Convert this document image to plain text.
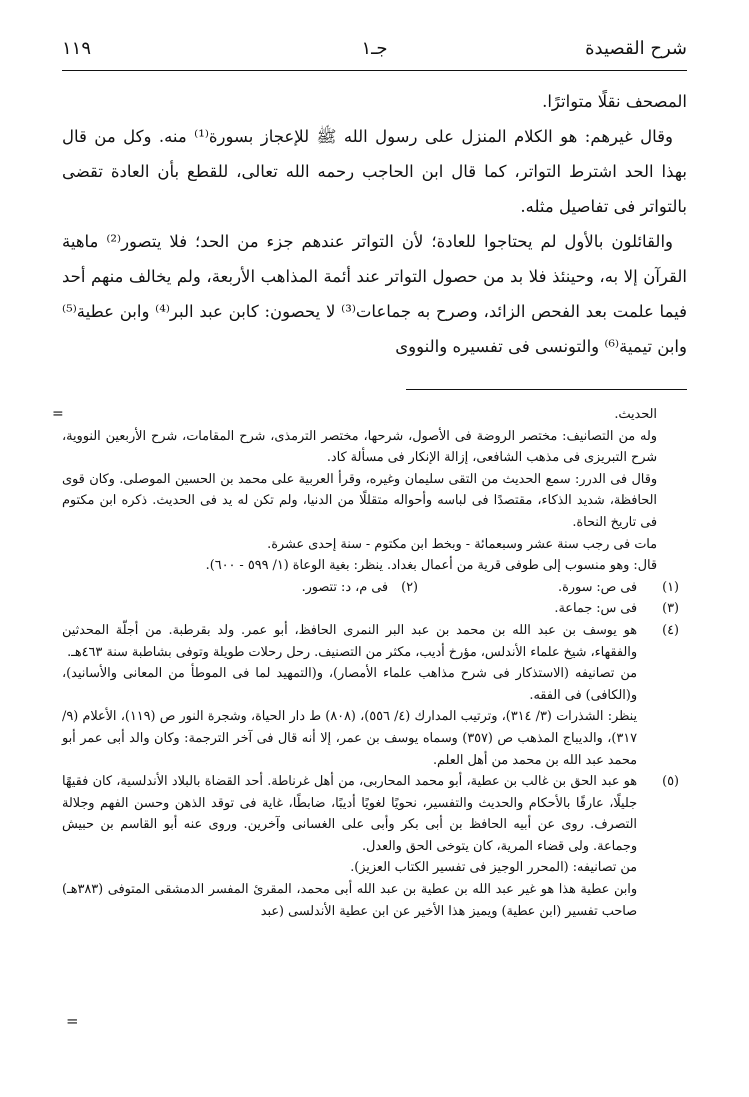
شرح القصيدة
جـ١
١١٩

المصحف نقلًا متواترًا.

وقال غيرهم: هو الكلام المنزل على رسول الله ﷺ للإعجاز بسورة⁽¹⁾ منه. وكل من قال بهذا الحد اشترط التواتر، كما قال ابن الحاجب رحمه الله تعالى، للقطع بأن العادة تقضى بالتواتر فى تفاصيل مثله.

والقائلون بالأول لم يحتاجوا للعادة؛ لأن التواتر عندهم جزء من الحد؛ فلا يتصور⁽²⁾ ماهية القرآن إلا به، وحينئذ فلا بد من حصول التواتر عند أئمة المذاهب الأربعة، ولم يخالف منهم أحد فيما علمت بعد الفحص الزائد، وصرح به جماعات⁽³⁾ لا يحصون: كابن عبد البر⁽⁴⁾ وابن عطية⁽⁵⁾ وابن تيمية⁽⁶⁾ والتونسى فى تفسيره والنووى

الحديث.
=

وله من التصانيف: مختصر الروضة فى الأصول، شرحها، مختصر الترمذى، شرح المقامات، شرح الأربعين النووية، شرح التبريزى فى مذهب الشافعى، إزالة الإنكار فى مسألة كاد.

وقال فى الدرر: سمع الحديث من التقى سليمان وغيره، وقرأ العربية على محمد بن الحسين الموصلى. وكان قوى الحافظة، شديد الذكاء، مقتصدًا فى لباسه وأحواله متقللًا من الدنيا، ولم تكن له يد فى الحديث. ذكره ابن مكتوم فى تاريخ النحاة.

مات فى رجب سنة عشر وسبعمائة - وبخط ابن مكتوم - سنة إحدى عشرة.

قال: وهو منسوب إلى طوفى قرية من أعمال بغداد. ينظر: بغية الوعاة (١/ ٥٩٩ - ٦٠٠).

(١)
فى ص: سورة.
(٢)
فى م، د: تتصور.
(٣)
فى س: جماعة.
(٤)
هو يوسف بن عبد الله بن محمد بن عبد البر النمرى الحافظ، أبو عمر. ولد بقرطبة. من أجلّة المحدثين والفقهاء، شيخ علماء الأندلس، مؤرخ أديب، مكثر من التصنيف. رحل رحلات طويلة وتوفى بشاطبة سنة ٤٦٣هـ.

من تصانيفه (الاستذكار فى شرح مذاهب علماء الأمصار)، و(التمهيد لما فى الموطأ من المعانى والأسانيد)، و(الكافى) فى الفقه.

ينظر: الشذرات (٣/ ٣١٤)، وترتيب المدارك (٤/ ٥٥٦)، (٨٠٨) ط دار الحياة، وشجرة النور ص (١١٩)، الأعلام (٩/ ٣١٧)، والديباج المذهب ص (٣٥٧) وسماه يوسف بن عمر، إلا أنه قال فى آخر الترجمة: وكان والد أبى عمر أبو محمد عبد الله بن محمد من أهل العلم.

(٥)
هو عبد الحق بن غالب بن عطية، أبو محمد المحاربى، من أهل غرناطة. أحد القضاة بالبلاد الأندلسية، كان فقيهًا جليلًا، عارفًا بالأحكام والحديث والتفسير، نحويًا لغويًا أديبًا، ضابطًا، غاية فى توقد الذهن وحسن الفهم وجلالة التصرف. روى عن أبيه الحافظ بن أبى بكر وأبى على الغسانى وآخرين. وروى عنه أبو القاسم بن حبيش وجماعة. ولى قضاء المرية، كان يتوخى الحق والعدل.

من تصانيفه: (المحرر الوجيز فى تفسير الكتاب العزيز).

وابن عطية هذا هو غير عبد الله بن عطية بن عبد الله أبى محمد، المقرئ المفسر الدمشقى المتوفى (٣٨٣هـ) صاحب تفسير (ابن عطية) ويميز هذا الأخير عن ابن عطية الأندلسى (عبد

=
